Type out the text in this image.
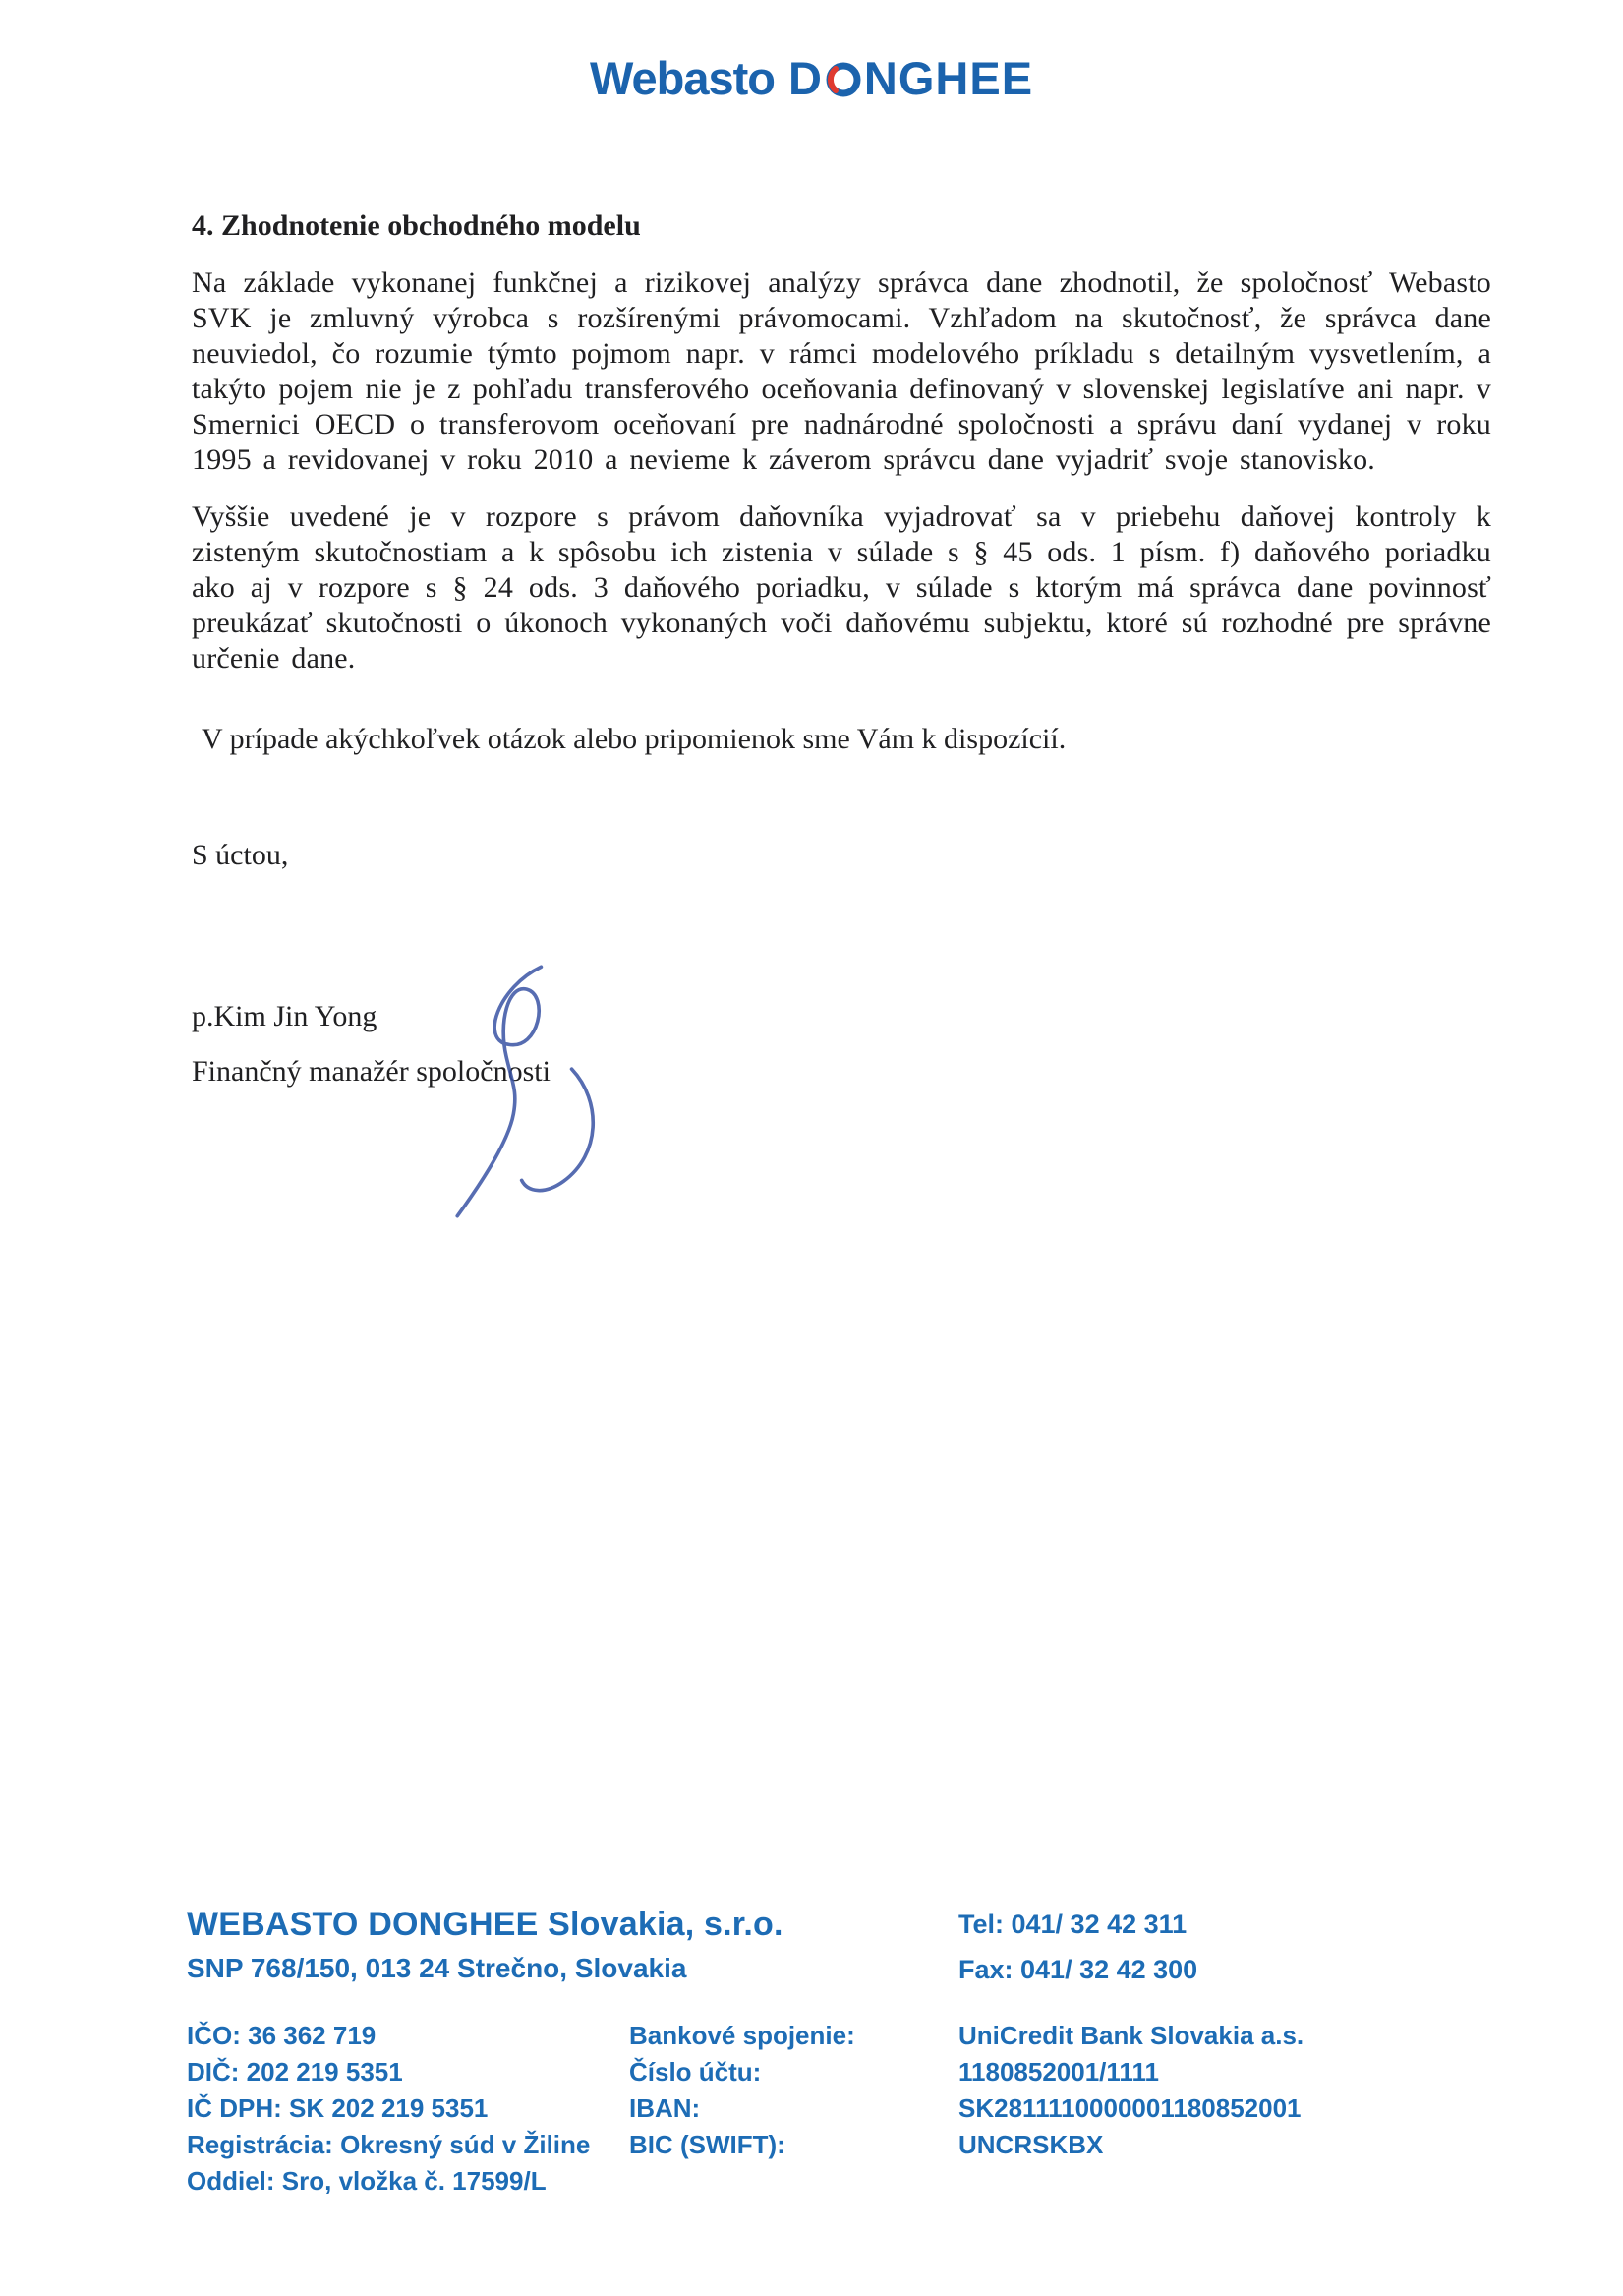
Webasto D NGHEE
4. Zhodnotenie obchodného modelu

Na základe vykonanej funkčnej a rizikovej analýzy správca dane zhodnotil, že spoločnosť Webasto SVK je zmluvný výrobca s rozšírenými právomocami. Vzhľadom na skutočnosť, že správca dane neuviedol, čo rozumie týmto pojmom napr. v rámci modelového príkladu s detailným vysvetlením, a takýto pojem nie je z pohľadu transferového oceňovania definovaný v slovenskej legislatíve ani napr. v Smernici OECD o transferovom oceňovaní pre nadnárodné spoločnosti a správu daní vydanej v roku 1995 a revidovanej v roku 2010 a nevieme k záverom správcu dane vyjadriť svoje stanovisko.

Vyššie uvedené je v rozpore s právom daňovníka vyjadrovať sa v priebehu daňovej kontroly k zisteným skutočnostiam a k spôsobu ich zistenia v súlade s § 45 ods. 1 písm. f) daňového poriadku ako aj v rozpore s § 24 ods. 3 daňového poriadku, v súlade s ktorým má správca dane povinnosť preukázať skutočnosti o úkonoch vykonaných voči daňovému subjektu, ktoré sú rozhodné pre správne určenie dane.

V prípade akýchkoľvek otázok alebo pripomienok sme Vám k dispozícií.

S úctou,

p.Kim Jin Yong

Finančný manažér spoločnosti

WEBASTO DONGHEE Slovakia, s.r.o.
SNP 768/150, 013 24 Strečno, Slovakia
Tel: 041/ 32 42 311
Fax: 041/ 32 42 300
IČO: 36 362 719
DIČ: 202 219 5351
IČ DPH: SK 202 219 5351
Registrácia: Okresný súd v Žiline
Oddiel: Sro, vložka č. 17599/L
Bankové spojenie:
Číslo účtu:
IBAN:
BIC (SWIFT):
UniCredit Bank Slovakia a.s.
1180852001/1111
SK2811110000001180852001
UNCRSKBX
